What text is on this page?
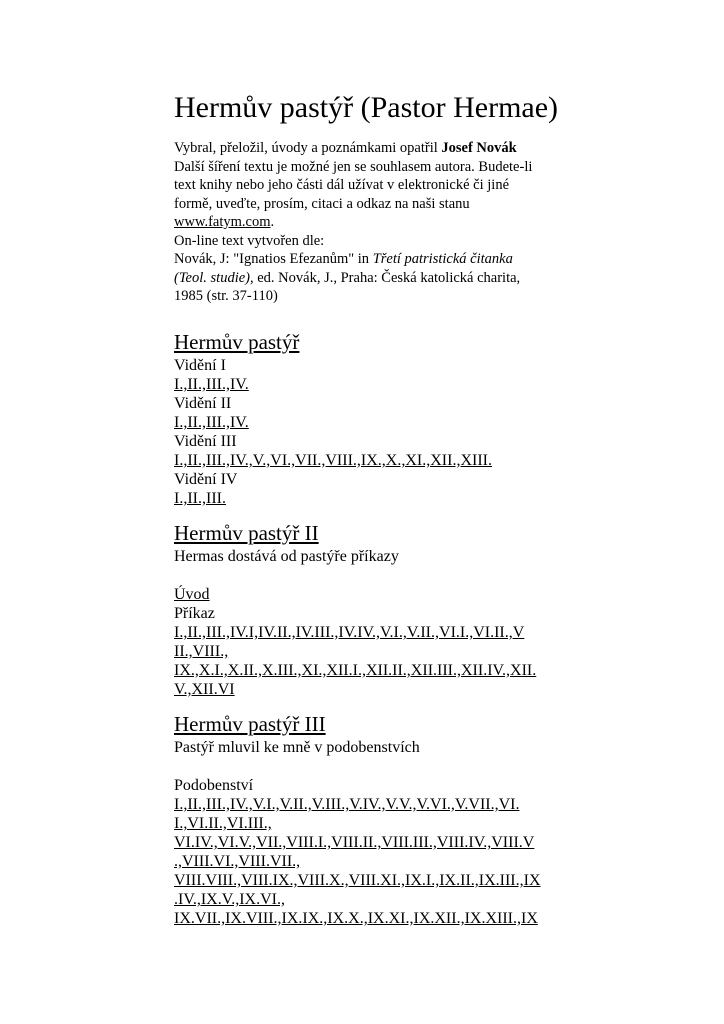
Hermův pastýř (Pastor Hermae)
Vybral, přeložil, úvody a poznámkami opatřil Josef Novák
Další šíření textu je možné jen se souhlasem autora. Budete-li
text knihy nebo jeho části dál užívat v elektronické či jiné
formě, uveďte, prosím, citaci a odkaz na naši stanu
www.fatym.com.
On-line text vytvořen dle:
Novák, J: "Ignatios Efezanům" in Třetí patristická čitanka
(Teol. studie), ed. Novák, J., Praha: Česká katolická charita,
1985 (str. 37-110)
Hermův pastýř
Vidění I
I.,II.,III.,IV.
Vidění II
I.,II.,III.,IV.
Vidění III
I.,II.,III.,IV.,V.,VI.,VII.,VIII.,IX.,X.,XI.,XII.,XIII.
Vidění IV
I.,II.,III.
Hermův pastýř II
Hermas dostává od pastýře příkazy
Úvod
Příkaz
I.,II.,III.,IV.I,IV.II.,IV.III.,IV.IV.,V.I.,V.II.,VI.I.,VI.II.,V
II.,VIII.,
IX.,X.I.,X.II.,X.III.,XI.,XII.I.,XII.II.,XII.III.,XII.IV.,XII.
V.,XII.VI
Hermův pastýř III
Pastýř mluvil ke mně v podobenstvích
Podobenství
I.,II.,III.,IV.,V.I.,V.II.,V.III.,V.IV.,V.V.,V.VI.,V.VII.,VI.
I.,VI.II.,VI.III.,
VI.IV.,VI.V.,VII.,VIII.I.,VIII.II.,VIII.III.,VIII.IV.,VIII.V
.,VIII.VI.,VIII.VII.,
VIII.VIII.,VIII.IX.,VIII.X.,VIII.XI.,IX.I.,IX.II.,IX.III.,IX
.IV.,IX.V.,IX.VI.,
IX.VII.,IX.VIII.,IX.IX.,IX.X.,IX.XI.,IX.XII.,IX.XIII.,IX
